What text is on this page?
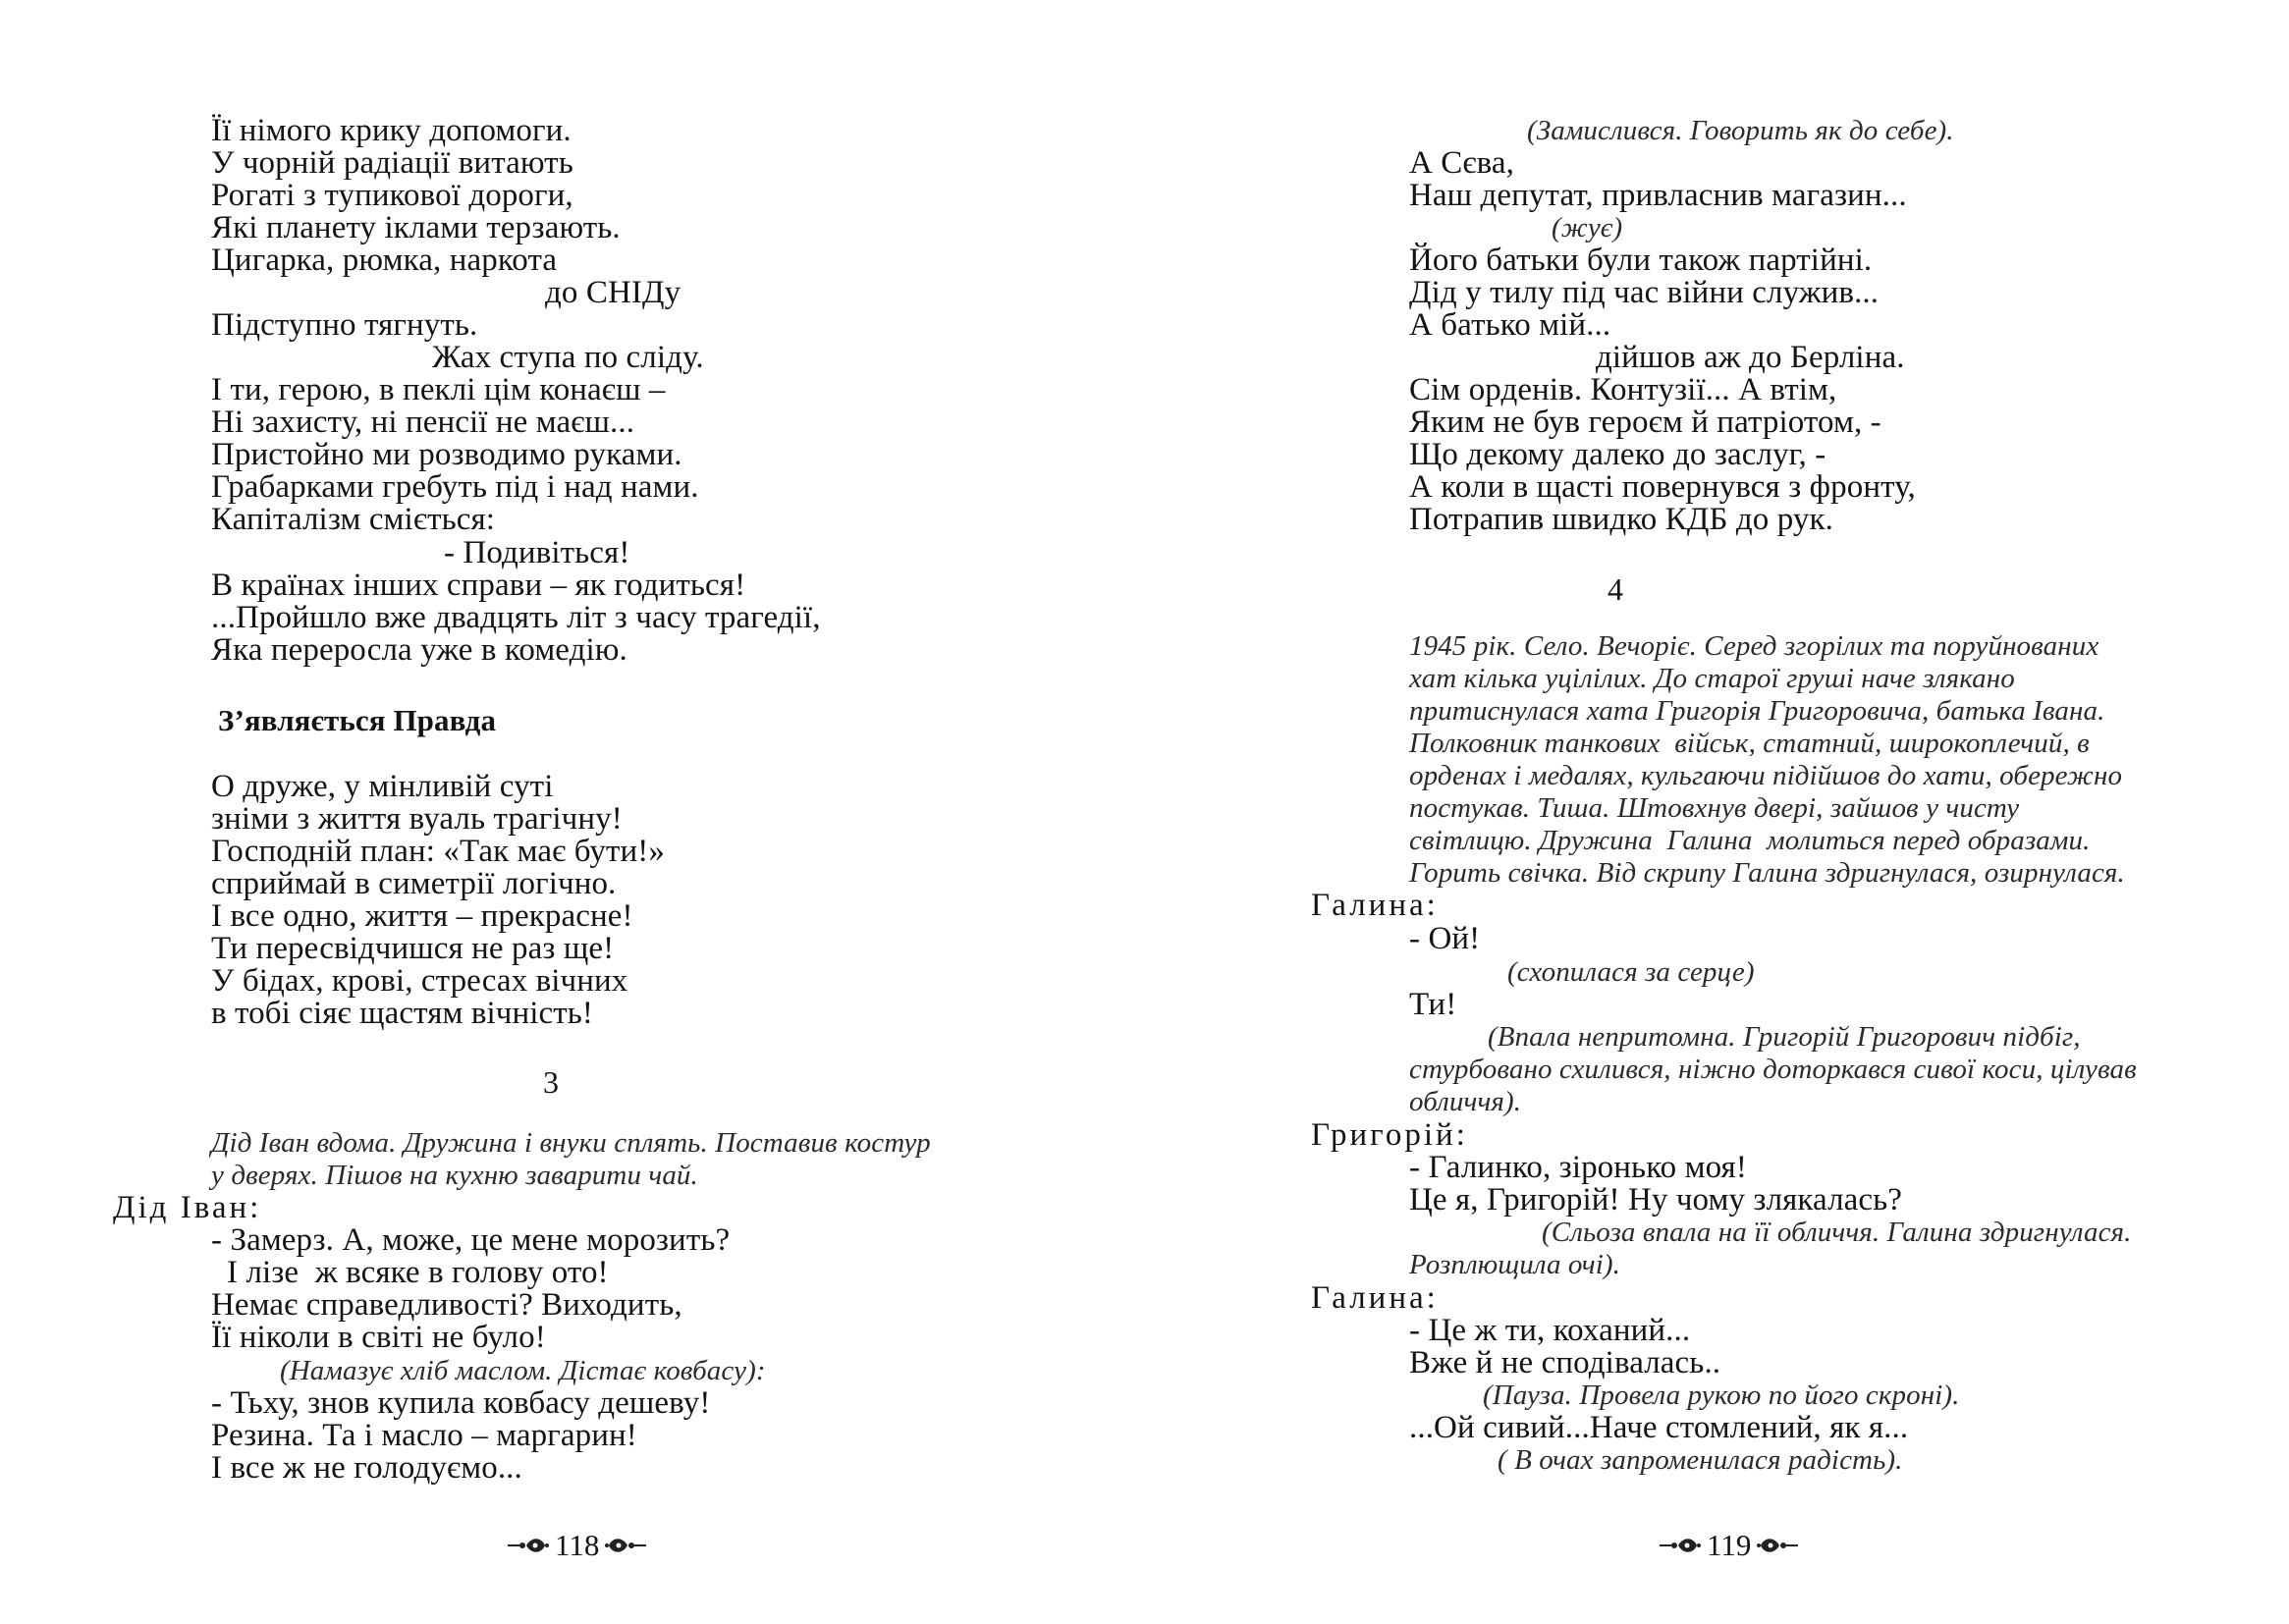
Її німого крику допомоги.
У чорній радіації витають
Рогаті з тупикової дороги,
Які планету іклами терзають.
Цигарка, рюмка, наркота
до СНІДу
Підступно тягнуть.
Жах ступа по сліду.
І ти, герою, в пеклі цім конаєш –
Ні захисту, ні пенсії не маєш...
Пристойно ми розводимо руками.
Грабарками гребуть під і над нами.
Капіталізм сміється:
- Подивіться!
В країнах інших справи – як годиться!
...Пройшло вже двадцять літ з часу трагедії,
Яка переросла уже в комедію.
З’являється Правда
О друже, у мінливій суті
зніми з життя вуаль трагічну!
Господній план: «Так має бути!»
сприймай в симетрії логічно.
І все одно, життя – прекрасне!
Ти пересвідчишся не раз ще!
У бідах, крові, стресах вічних
в тобі сіяє щастям вічність!
3
Дід Іван вдома. Дружина і внуки сплять. Поставив костур
у дверях. Пішов на кухню заварити чай.
Дід Іван:
- Замерз. А, може, це мене морозить?
І лізе  ж всяке в голову ото!
Немає справедливості? Виходить,
Її ніколи в світі не було!
(Намазує хліб маслом. Дістає ковбасу):
- Тьху, знов купила ковбасу дешеву!
Резина. Та і масло – маргарин!
І все ж не голодуємо...
118
(Замислився. Говорить як до себе).
А Сєва,
Наш депутат, привласнив магазин...
(жує)
Його батьки були також партійні.
Дід у тилу під час війни служив...
А батько мій...
дійшов аж до Берліна.
Сім орденів. Контузії... А втім,
Яким не був героєм й патріотом, -
Що декому далеко до заслуг, -
А коли в щасті повернувся з фронту,
Потрапив швидко КДБ до рук.
4
1945 рік. Село. Вечоріє. Серед згорілих та поруйнованих
хат кілька уцілілих. До старої груші наче злякано
притиснулася хата Григорія Григоровича, батька Івана.
Полковник танкових  військ, статний, широкоплечий, в
орденах і медалях, кульгаючи підійшов до хати, обережно
постукав. Тиша. Штовхнув двері, зайшов у чисту
світлицю. Дружина  Галина  молиться перед образами.
Горить свічка. Від скрипу Галина здригнулася, озирнулася.
Галина:
- Ой!
(схопилася за серце)
Ти!
(Впала непритомна. Григорій Григорович підбіг,
стурбовано схилився, ніжно доторкався сивої коси, цілував
обличчя).
Григорій:
- Галинко, зіронько моя!
Це я, Григорій! Ну чому злякалась?
(Сльоза впала на її обличчя. Галина здригнулася.
Розплющила очі).
Галина:
- Це ж ти, коханий...
Вже й не сподівалась..
(Пауза. Провела рукою по його скроні).
...Ой сивий...Наче стомлений, як я...
( В очах запроменилася радість).
119
